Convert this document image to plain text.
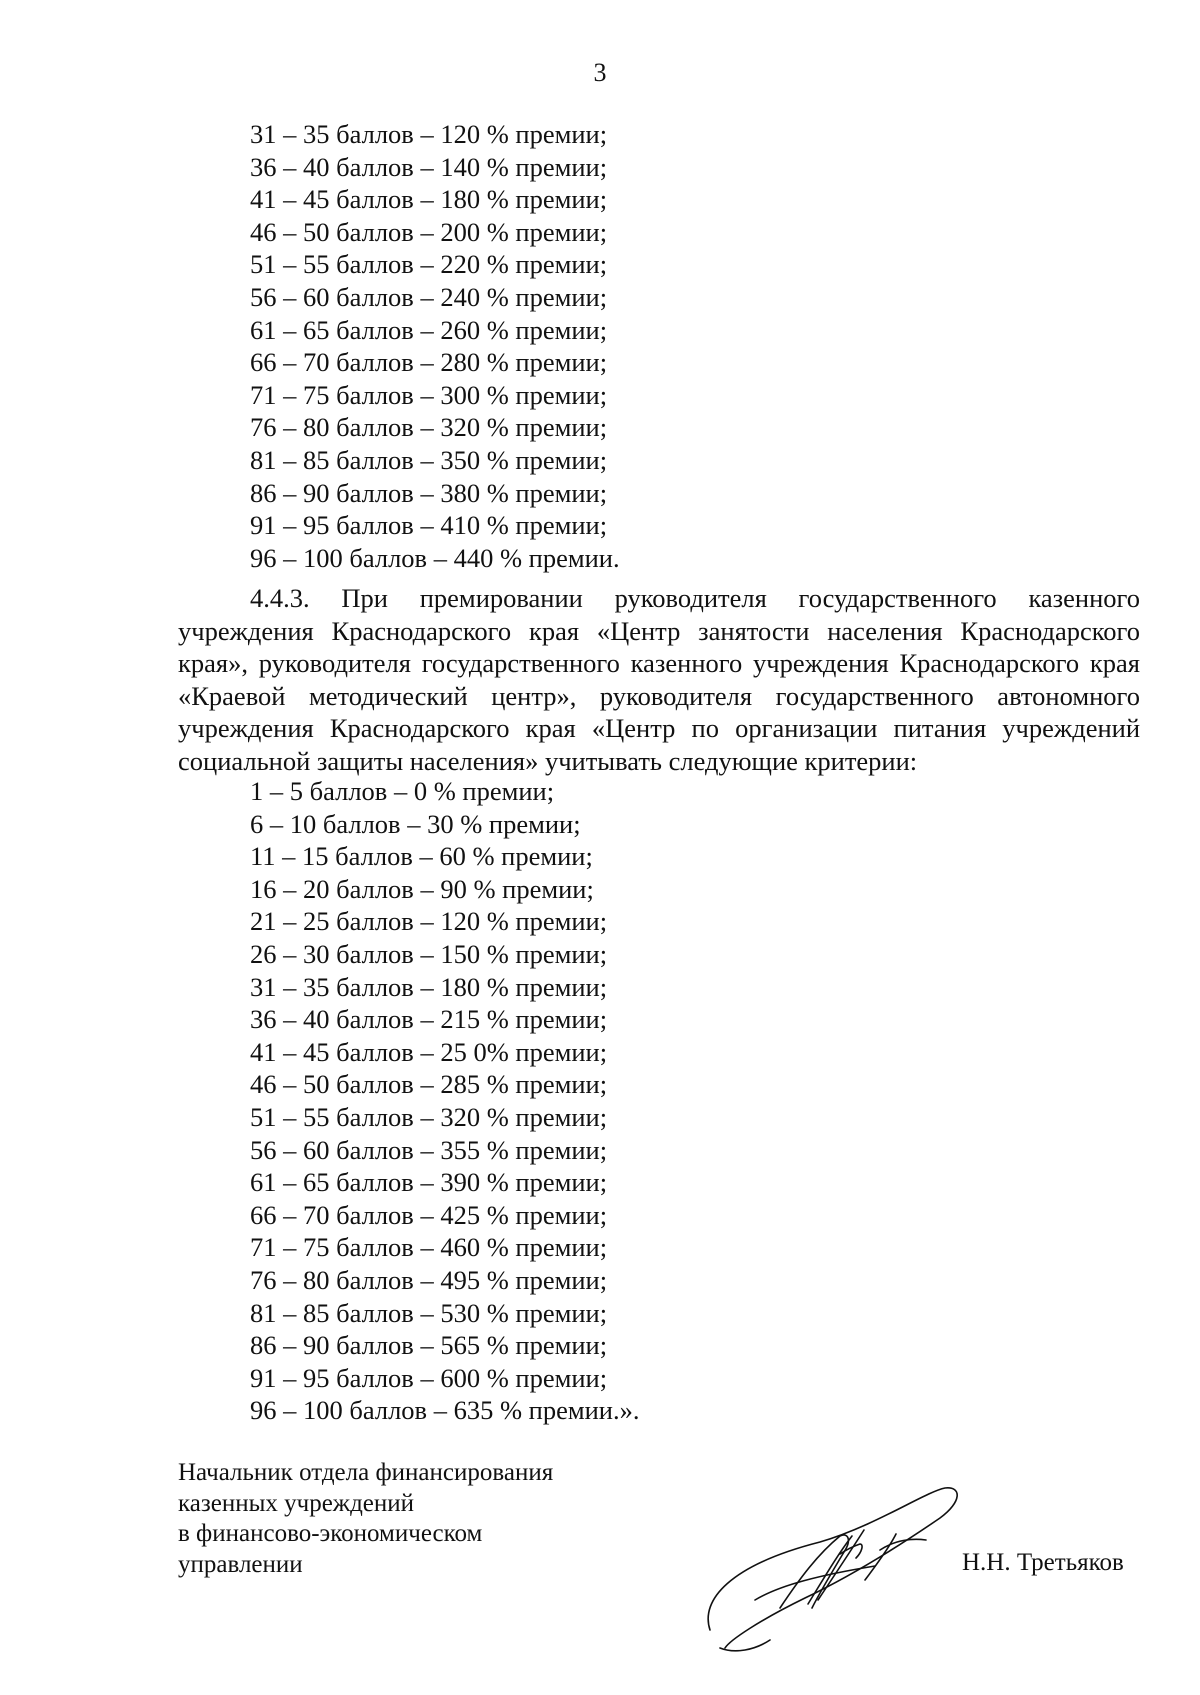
3
31 – 35 баллов – 120 % премии;
36 – 40 баллов – 140 % премии;
41 – 45 баллов – 180 % премии;
46 – 50 баллов – 200 % премии;
51 – 55 баллов – 220 % премии;
56 – 60 баллов – 240 % премии;
61 – 65 баллов – 260 % премии;
66 – 70 баллов – 280 % премии;
71 – 75 баллов – 300 % премии;
76 – 80 баллов – 320 % премии;
81 – 85 баллов – 350 % премии;
86 – 90 баллов – 380 % премии;
91 – 95 баллов – 410 % премии;
96 – 100 баллов – 440 % премии.

4.4.3. При премировании руководителя государственного казенного учреждения Краснодарского края «Центр занятости населения Краснодарского края», руководителя государственного казенного учреждения Краснодарского края «Краевой методический центр», руководителя государственного автономного учреждения Краснодарского края «Центр по организации питания учреждений социальной защиты населения» учитывать следующие критерии:

1 – 5 баллов – 0 % премии;
6 – 10 баллов – 30 % премии;
11 – 15 баллов – 60 % премии;
16 – 20 баллов – 90 % премии;
21 – 25 баллов – 120 % премии;
26 – 30 баллов – 150 % премии;
31 – 35 баллов – 180 % премии;
36 – 40 баллов – 215 % премии;
41 – 45 баллов – 25 0% премии;
46 – 50 баллов – 285 % премии;
51 – 55 баллов – 320 % премии;
56 – 60 баллов – 355 % премии;
61 – 65 баллов – 390 % премии;
66 – 70 баллов – 425 % премии;
71 – 75 баллов – 460 % премии;
76 – 80 баллов – 495 % премии;
81 – 85 баллов – 530 % премии;
86 – 90 баллов – 565 % премии;
91 – 95 баллов – 600 % премии;
96 – 100 баллов – 635 % премии.».
Начальник отдела финансирования
казенных учреждений
в финансово-экономическом
управлении	Н.Н. Третьяков
